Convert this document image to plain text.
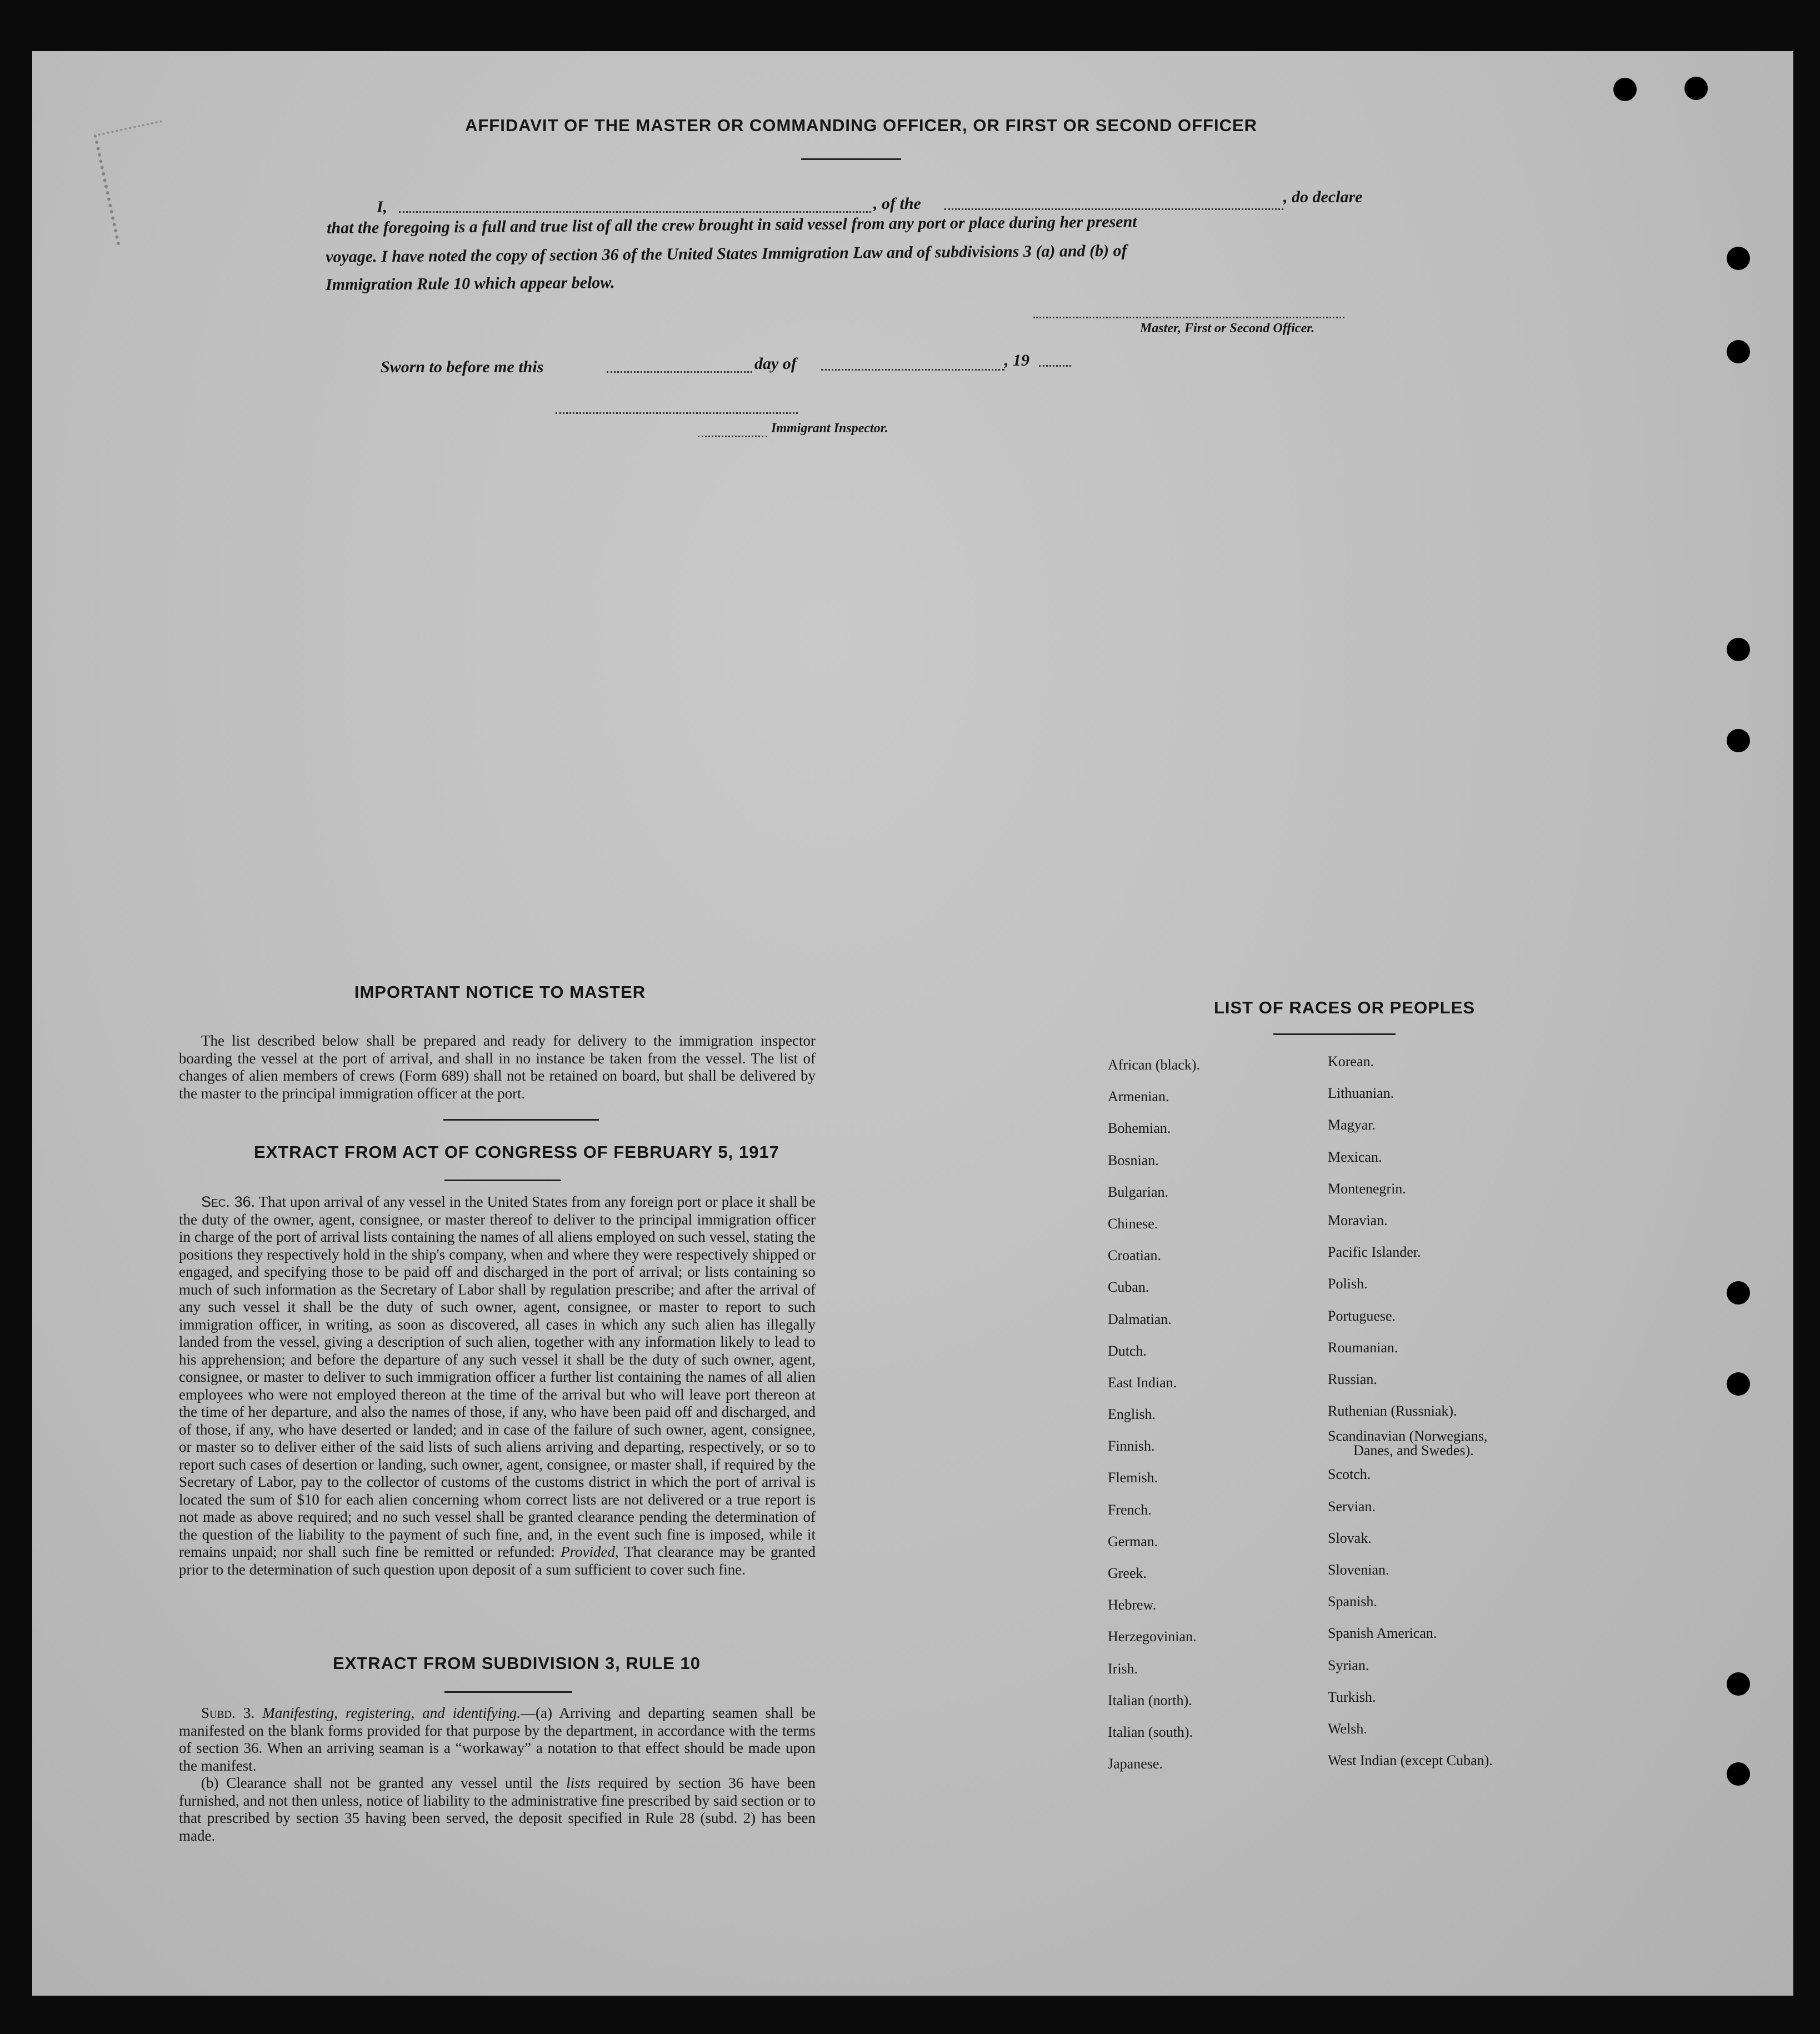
AFFIDAVIT OF THE MASTER OR COMMANDING OFFICER, OR FIRST OR SECOND OFFICER
I,	, of the	, do declare
that the foregoing is a full and true list of all the crew brought in said vessel from any port or place during her present
voyage. I have noted the copy of section 36 of the United States Immigration Law and of subdivisions 3 (a) and (b) of
Immigration Rule 10 which appear below.
Master, First or Second Officer.
Sworn to before me this	day of	, 19
Immigrant Inspector.
IMPORTANT NOTICE TO MASTER

The list described below shall be prepared and ready for delivery to the immigration inspector boarding the vessel at the port of arrival, and shall in no instance be taken from the vessel. The list of changes of alien members of crews (Form 689) shall not be retained on board, but shall be delivered by the master to the principal immigration officer at the port.

EXTRACT FROM ACT OF CONGRESS OF FEBRUARY 5, 1917

Sec. 36. That upon arrival of any vessel in the United States from any foreign port or place it shall be the duty of the owner, agent, consignee, or master thereof to deliver to the principal immigration officer in charge of the port of arrival lists containing the names of all aliens employed on such vessel, stating the positions they respectively hold in the ship's company, when and where they were respectively shipped or engaged, and specifying those to be paid off and discharged in the port of arrival; or lists containing so much of such information as the Secretary of Labor shall by regulation prescribe; and after the arrival of any such vessel it shall be the duty of such owner, agent, consignee, or master to report to such immigration officer, in writing, as soon as discovered, all cases in which any such alien has illegally landed from the vessel, giving a description of such alien, together with any information likely to lead to his apprehension; and before the departure of any such vessel it shall be the duty of such owner, agent, consignee, or master to deliver to such immigration officer a further list containing the names of all alien employees who were not employed thereon at the time of the arrival but who will leave port thereon at the time of her departure, and also the names of those, if any, who have been paid off and discharged, and of those, if any, who have deserted or landed; and in case of the failure of such owner, agent, consignee, or master so to deliver either of the said lists of such aliens arriving and departing, respectively, or so to report such cases of desertion or landing, such owner, agent, consignee, or master shall, if required by the Secretary of Labor, pay to the collector of customs of the customs district in which the port of arrival is located the sum of $10 for each alien concerning whom correct lists are not delivered or a true report is not made as above required; and no such vessel shall be granted clearance pending the determination of the question of the liability to the payment of such fine, and, in the event such fine is imposed, while it remains unpaid; nor shall such fine be remitted or refunded: Provided, That clearance may be granted prior to the determination of such question upon deposit of a sum sufficient to cover such fine.

EXTRACT FROM SUBDIVISION 3, RULE 10

Subd. 3. Manifesting, registering, and identifying.—(a) Arriving and departing seamen shall be manifested on the blank forms provided for that purpose by the department, in accordance with the terms of section 36. When an arriving seaman is a “workaway” a notation to that effect should be made upon the manifest.

(b) Clearance shall not be granted any vessel until the lists required by section 36 have been furnished, and not then unless, notice of liability to the administrative fine prescribed by said section or to that prescribed by section 35 having been served, the deposit specified in Rule 28 (subd. 2) has been made.

LIST OF RACES OR PEOPLES
African (black).
Armenian.
Bohemian.
Bosnian.
Bulgarian.
Chinese.
Croatian.
Cuban.
Dalmatian.
Dutch.
East Indian.
English.
Finnish.
Flemish.
French.
German.
Greek.
Hebrew.
Herzegovinian.
Irish.
Italian (north).
Italian (south).
Japanese.
Korean.
Lithuanian.
Magyar.
Mexican.
Montenegrin.
Moravian.
Pacific Islander.
Polish.
Portuguese.
Roumanian.
Russian.
Ruthenian (Russniak).
Scandinavian (Norwegians,
Danes, and Swedes).
Scotch.
Servian.
Slovak.
Slovenian.
Spanish.
Spanish American.
Syrian.
Turkish.
Welsh.
West Indian (except Cuban).
